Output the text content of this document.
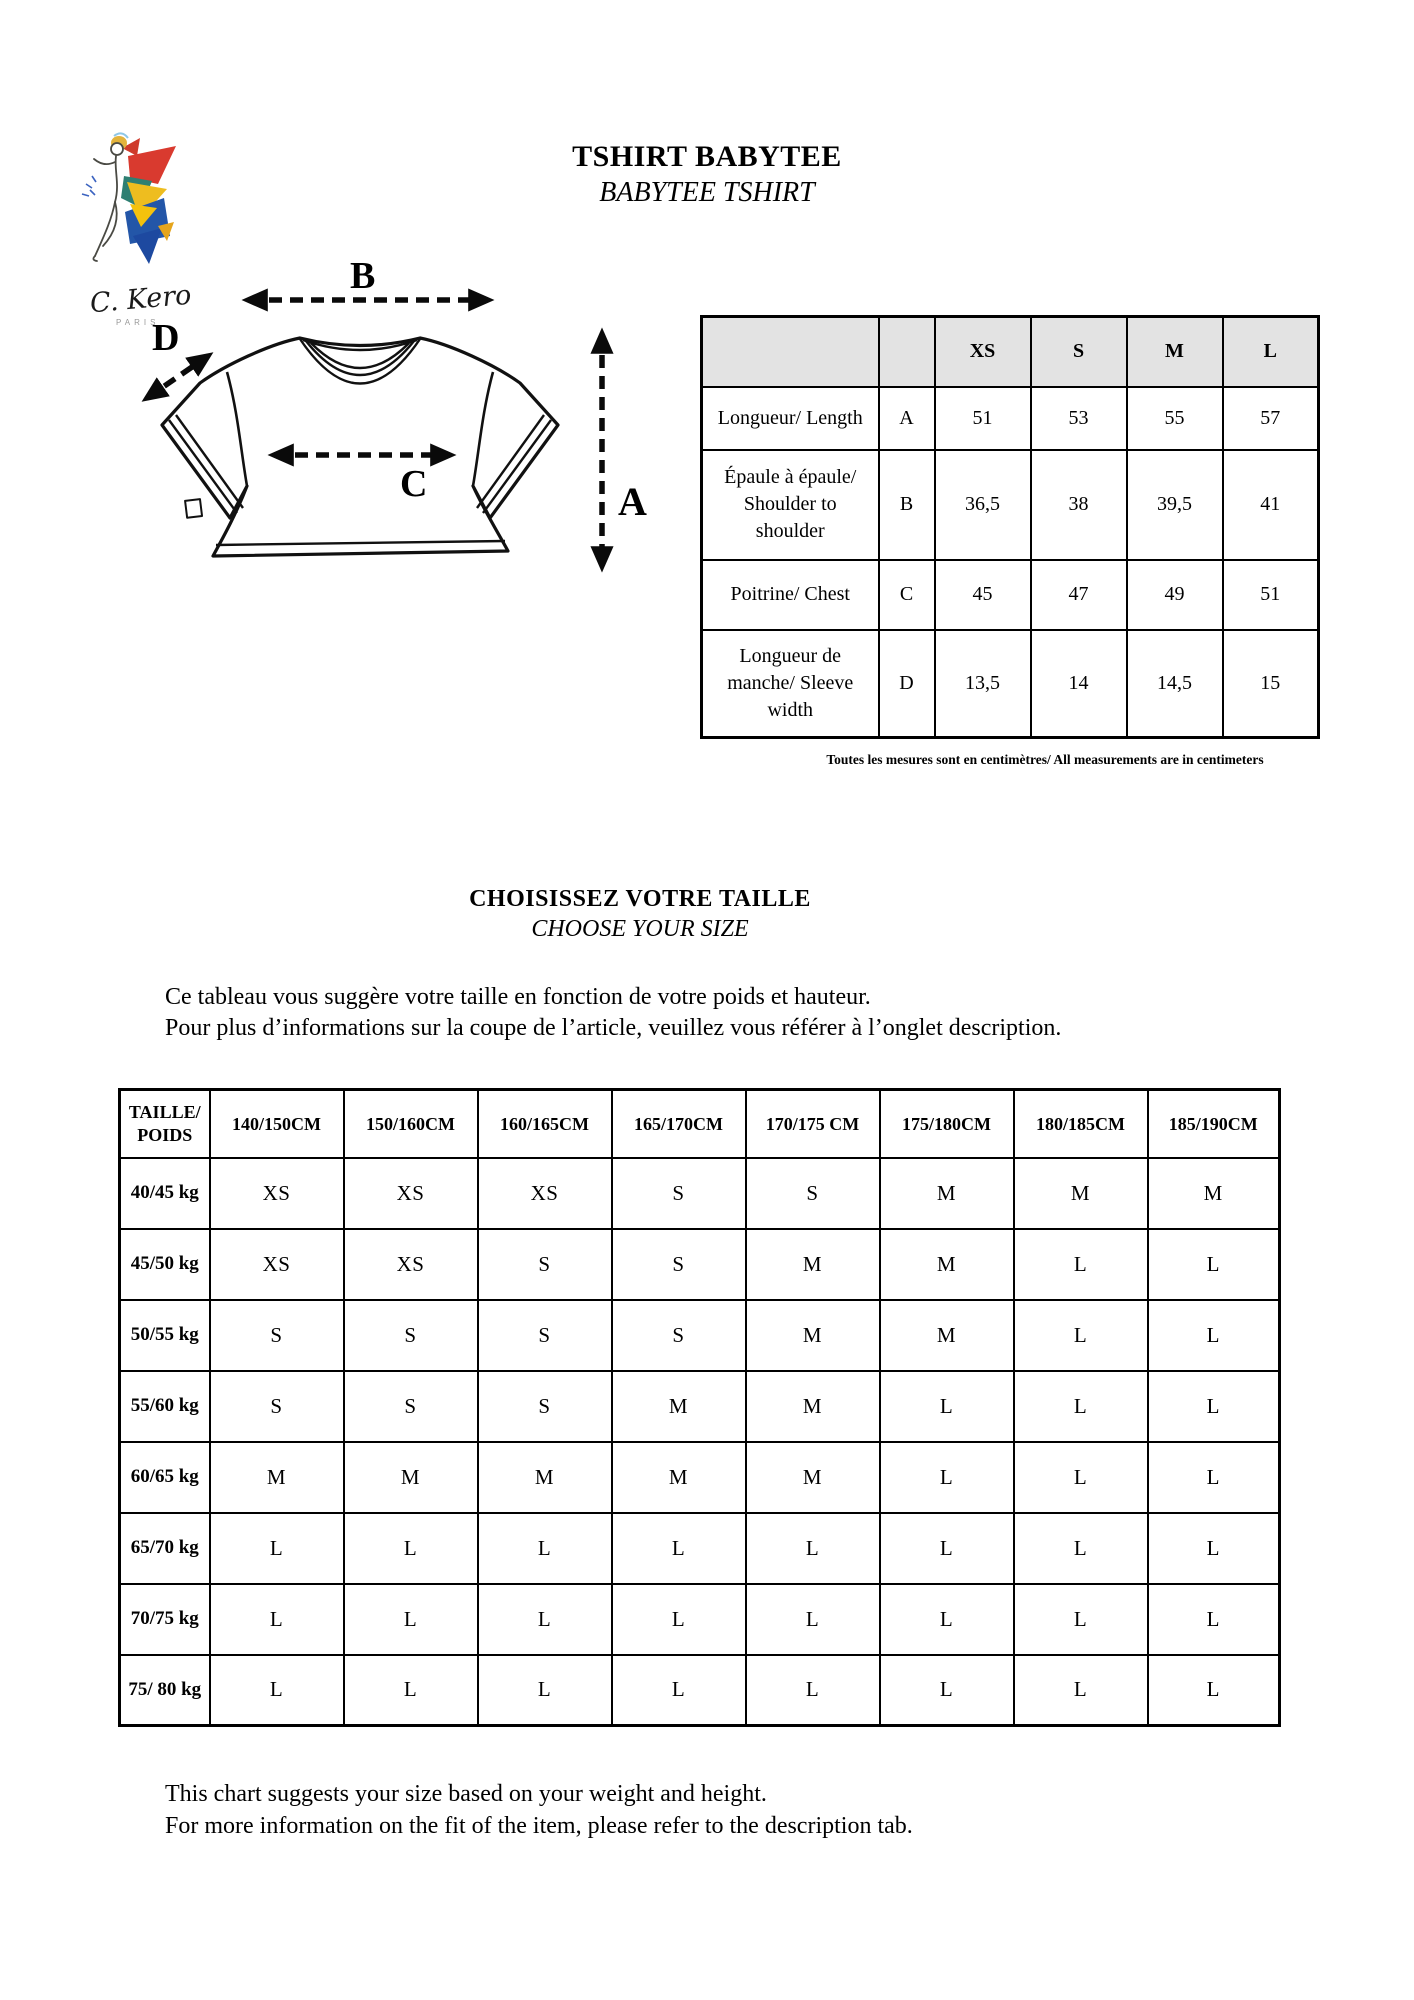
C. Kero
PARIS
TSHIRT BABYTEE
BABYTEE TSHIRT
B
D
C	A
		XS	S	M	L
Longueur/ Length	A	51	53	55	57
Épaule à épaule/ Shoulder to shoulder	B	36,5	38	39,5	41
Poitrine/ Chest	C	45	47	49	51
Longueur de manche/ Sleeve width	D	13,5	14	14,5	15
Toutes les mesures sont en centimètres/ All measurements are in centimeters
CHOISISSEZ VOTRE TAILLE
CHOOSE YOUR SIZE
Ce tableau vous suggère votre taille en fonction de votre poids et hauteur.
Pour plus d’informations sur la coupe de l’article, veuillez vous référer à l’onglet description.
TAILLE/ POIDS	140/150CM	150/160CM	160/165CM	165/170CM	170/175 CM	175/180CM	180/185CM	185/190CM
40/45 kg	XS	XS	XS	S	S	M	M	M
45/50 kg	XS	XS	S	S	M	M	L	L
50/55 kg	S	S	S	S	M	M	L	L
55/60 kg	S	S	S	M	M	L	L	L
60/65 kg	M	M	M	M	M	L	L	L
65/70 kg	L	L	L	L	L	L	L	L
70/75 kg	L	L	L	L	L	L	L	L
75/ 80 kg	L	L	L	L	L	L	L	L
This chart suggests your size based on your weight and height.
For more information on the fit of the item, please refer to the description tab.
